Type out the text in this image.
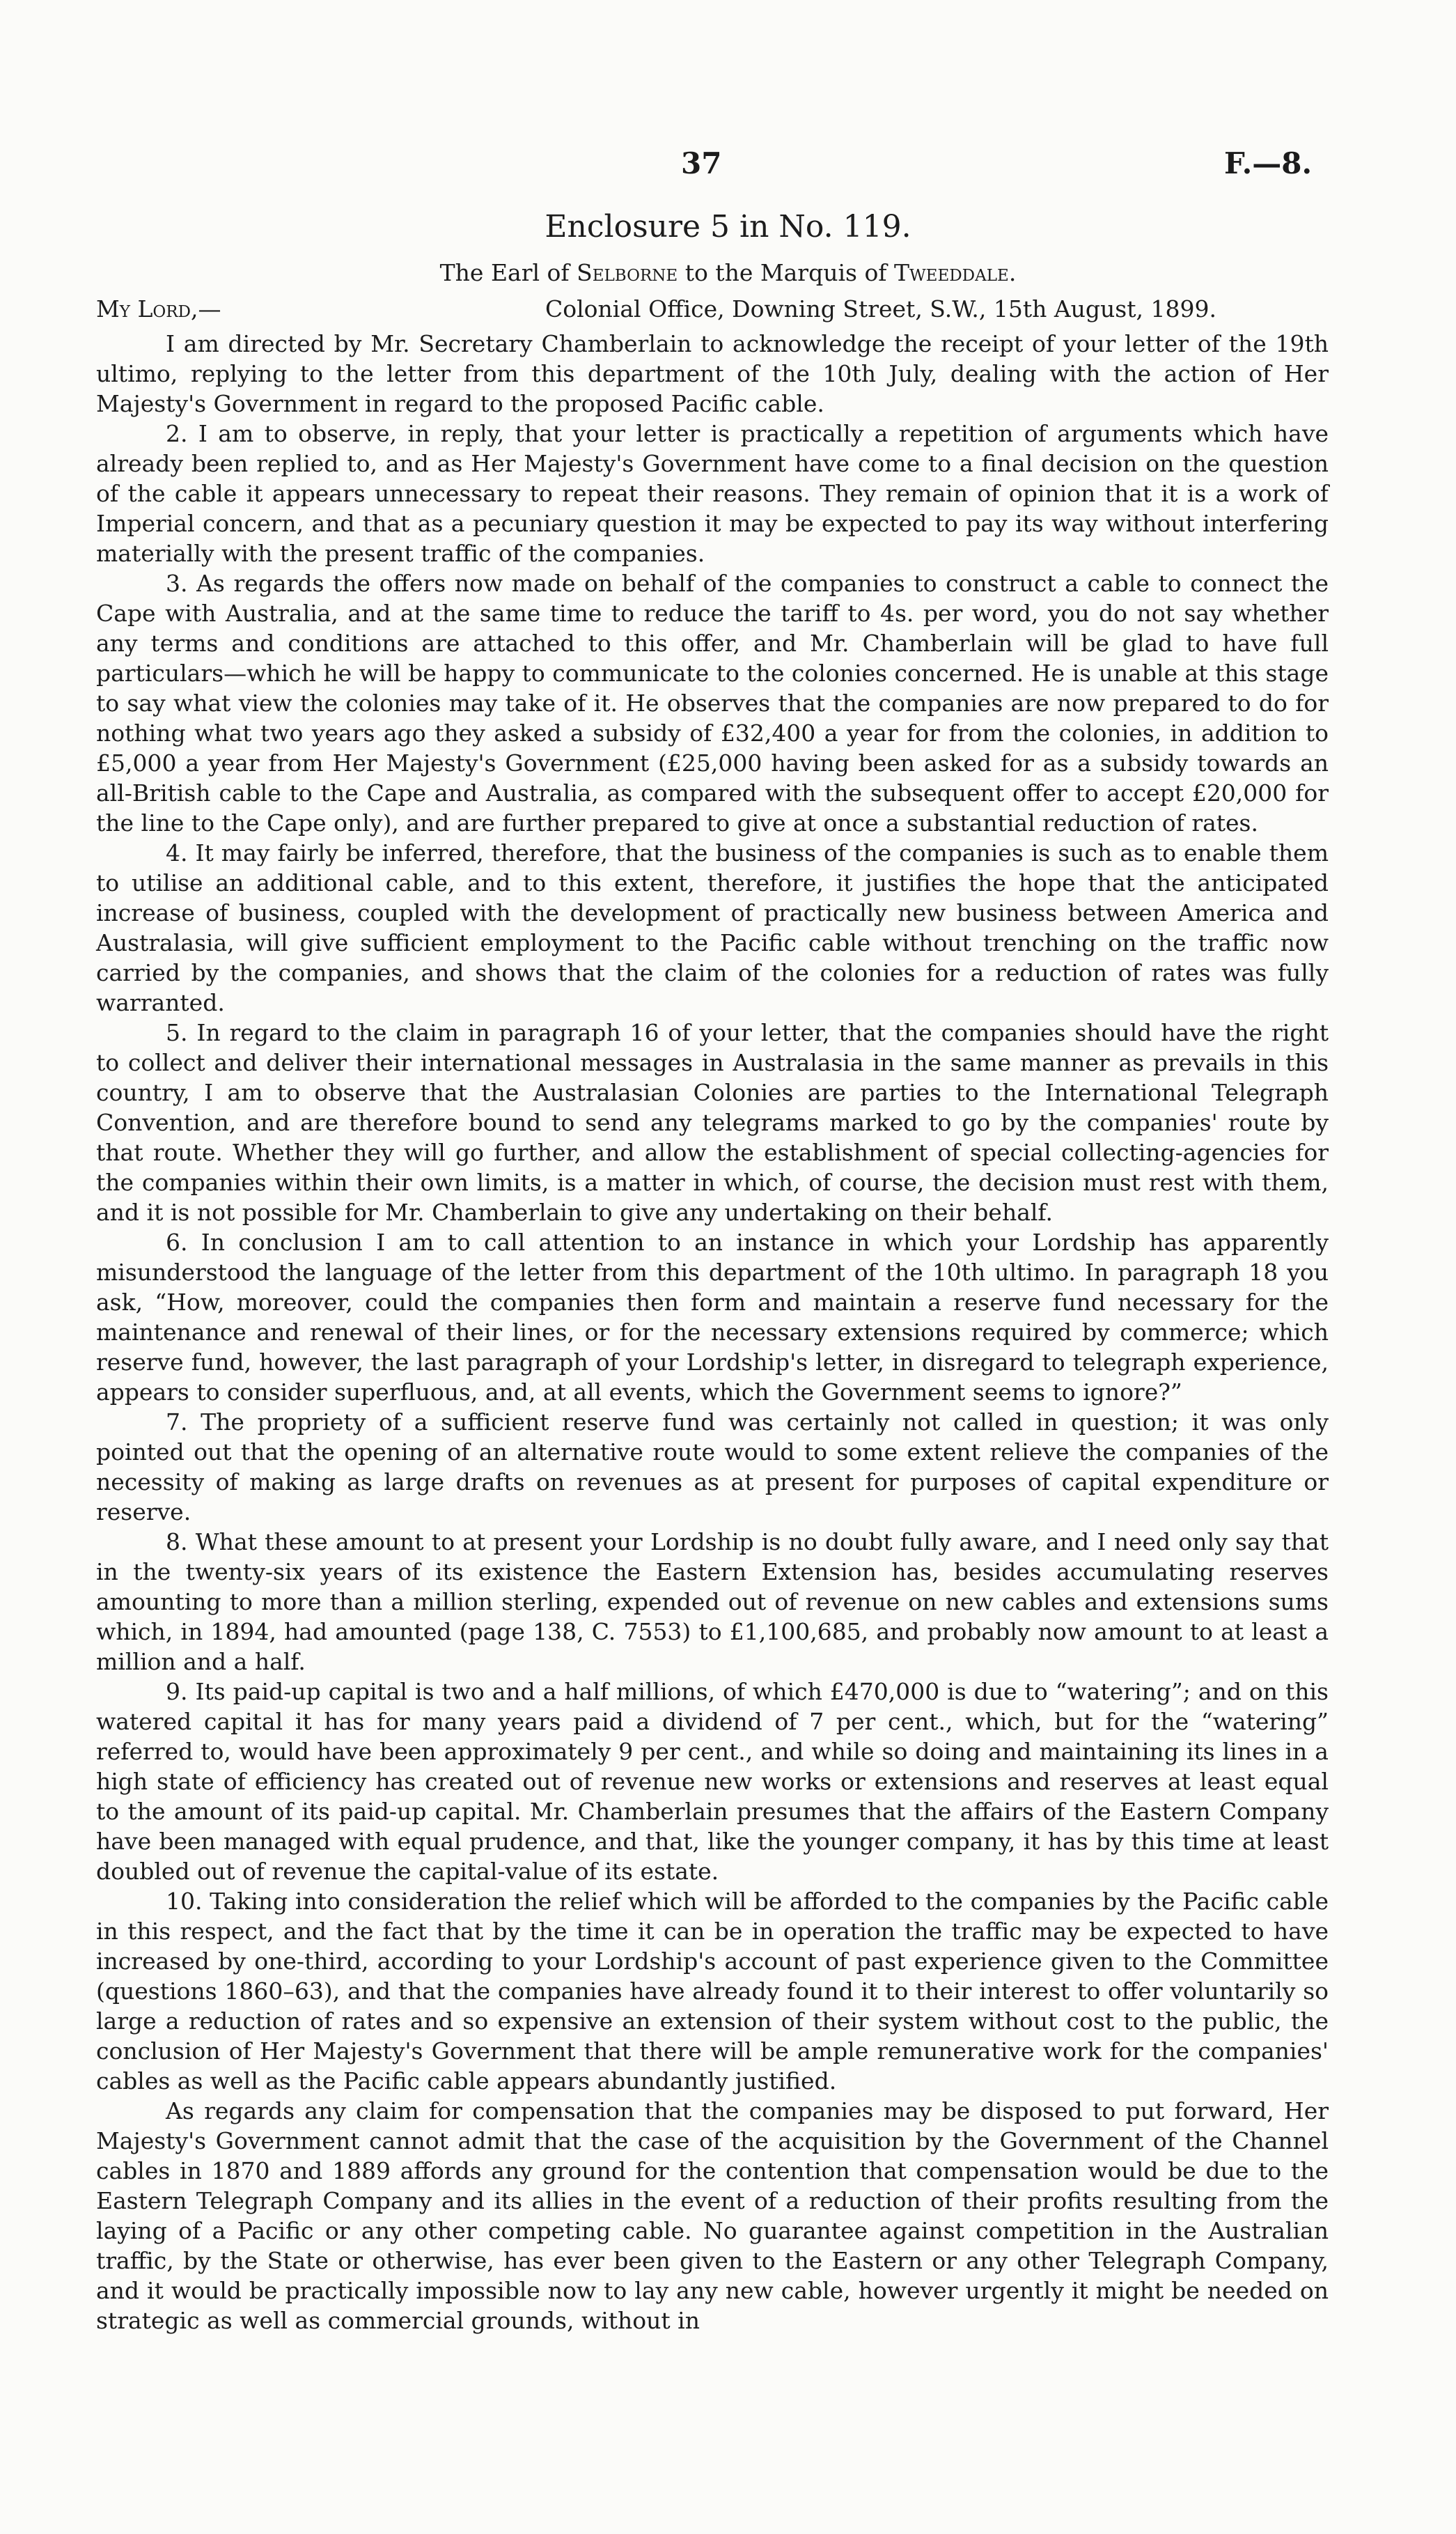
37	F.—8.
Enclosure 5 in No. 119.
The Earl of Selborne to the Marquis of Tweeddale.
My Lord,—	Colonial Office, Downing Street, S.W., 15th August, 1899.

I am directed by Mr. Secretary Chamberlain to acknowledge the receipt of your letter of the 19th ultimo, replying to the letter from this department of the 10th July, dealing with the action of Her Majesty's Government in regard to the proposed Pacific cable.

2. I am to observe, in reply, that your letter is practically a repetition of arguments which have already been replied to, and as Her Majesty's Government have come to a final decision on the question of the cable it appears unnecessary to repeat their reasons. They remain of opinion that it is a work of Imperial concern, and that as a pecuniary question it may be expected to pay its way without interfering materially with the present traffic of the companies.

3. As regards the offers now made on behalf of the companies to construct a cable to connect the Cape with Australia, and at the same time to reduce the tariff to 4s. per word, you do not say whether any terms and conditions are attached to this offer, and Mr. Chamberlain will be glad to have full particulars—which he will be happy to communicate to the colonies concerned. He is unable at this stage to say what view the colonies may take of it. He observes that the companies are now prepared to do for nothing what two years ago they asked a subsidy of £32,400 a year for from the colonies, in addition to £5,000 a year from Her Majesty's Government (£25,000 having been asked for as a subsidy towards an all-British cable to the Cape and Australia, as compared with the subsequent offer to accept £20,000 for the line to the Cape only), and are further prepared to give at once a substantial reduction of rates.

4. It may fairly be inferred, therefore, that the business of the companies is such as to enable them to utilise an additional cable, and to this extent, therefore, it justifies the hope that the anticipated increase of business, coupled with the development of practically new business between America and Australasia, will give sufficient employment to the Pacific cable without trenching on the traffic now carried by the companies, and shows that the claim of the colonies for a reduction of rates was fully warranted.

5. In regard to the claim in paragraph 16 of your letter, that the companies should have the right to collect and deliver their international messages in Australasia in the same manner as prevails in this country, I am to observe that the Australasian Colonies are parties to the International Telegraph Convention, and are therefore bound to send any telegrams marked to go by the companies' route by that route. Whether they will go further, and allow the establishment of special collecting-agencies for the companies within their own limits, is a matter in which, of course, the decision must rest with them, and it is not possible for Mr. Chamberlain to give any undertaking on their behalf.

6. In conclusion I am to call attention to an instance in which your Lordship has apparently misunderstood the language of the letter from this department of the 10th ultimo. In paragraph 18 you ask, “How, moreover, could the companies then form and maintain a reserve fund necessary for the maintenance and renewal of their lines, or for the necessary extensions required by commerce; which reserve fund, however, the last paragraph of your Lordship's letter, in disregard to telegraph experience, appears to consider superfluous, and, at all events, which the Government seems to ignore?”

7. The propriety of a sufficient reserve fund was certainly not called in question; it was only pointed out that the opening of an alternative route would to some extent relieve the companies of the necessity of making as large drafts on revenues as at present for purposes of capital expenditure or reserve.

8. What these amount to at present your Lordship is no doubt fully aware, and I need only say that in the twenty-six years of its existence the Eastern Extension has, besides accumulating reserves amounting to more than a million sterling, expended out of revenue on new cables and extensions sums which, in 1894, had amounted (page 138, C. 7553) to £1,100,685, and probably now amount to at least a million and a half.

9. Its paid-up capital is two and a half millions, of which £470,000 is due to “watering”; and on this watered capital it has for many years paid a dividend of 7 per cent., which, but for the “watering” referred to, would have been approximately 9 per cent., and while so doing and maintaining its lines in a high state of efficiency has created out of revenue new works or extensions and reserves at least equal to the amount of its paid-up capital. Mr. Chamberlain presumes that the affairs of the Eastern Company have been managed with equal prudence, and that, like the younger company, it has by this time at least doubled out of revenue the capital-value of its estate.

10. Taking into consideration the relief which will be afforded to the companies by the Pacific cable in this respect, and the fact that by the time it can be in operation the traffic may be expected to have increased by one-third, according to your Lordship's account of past experience given to the Committee (questions 1860–63), and that the companies have already found it to their interest to offer voluntarily so large a reduction of rates and so expensive an extension of their system without cost to the public, the conclusion of Her Majesty's Government that there will be ample remunerative work for the companies' cables as well as the Pacific cable appears abundantly justified.

As regards any claim for compensation that the companies may be disposed to put forward, Her Majesty's Government cannot admit that the case of the acquisition by the Government of the Channel cables in 1870 and 1889 affords any ground for the contention that compensation would be due to the Eastern Telegraph Company and its allies in the event of a reduction of their profits resulting from the laying of a Pacific or any other competing cable. No guarantee against competition in the Australian traffic, by the State or otherwise, has ever been given to the Eastern or any other Telegraph Company, and it would be practically impossible now to lay any new cable, however urgently it might be needed on strategic as well as commercial grounds, without in
